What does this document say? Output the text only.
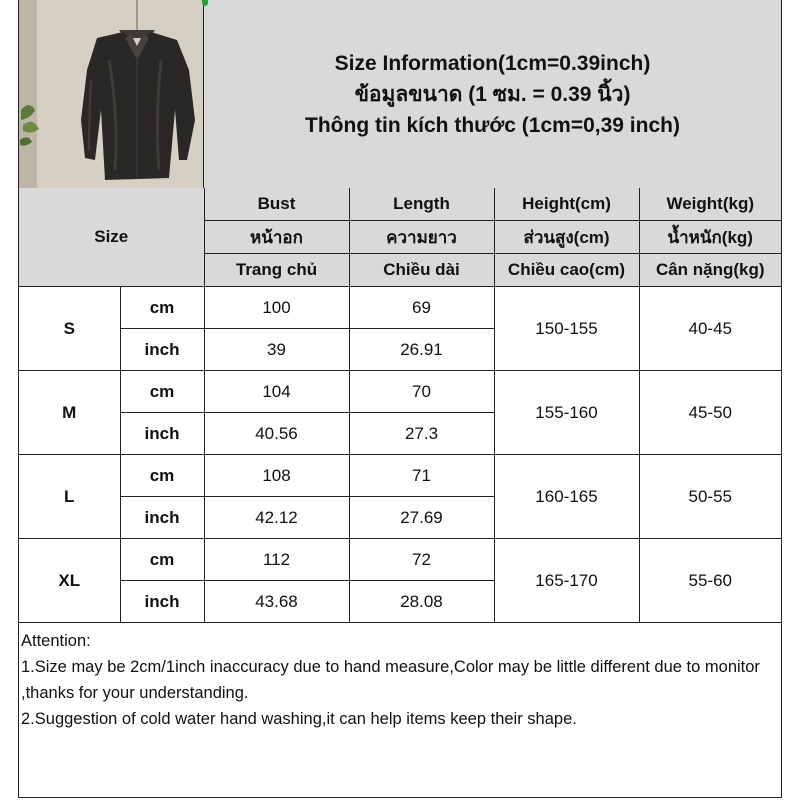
Size Information(1cm=0.39inch)
ข้อมูลขนาด (1 ซม. = 0.39 นิ้ว)
Thông tin kích thước (1cm=0,39 inch)
Size		Bust	Length	Height(cm)	Weight(kg)
		หน้าอก	ความยาว	ส่วนสูง(cm)	น้ำหนัก(kg)
		Trang chủ	Chiều dài	Chiều cao(cm)	Cân nặng(kg)
S	cm	100	69	150-155	40-45
	inch	39	26.91		
M	cm	104	70	155-160	45-50
	inch	40.56	27.3		
L	cm	108	71	160-165	50-55
	inch	42.12	27.69		
XL	cm	112	72	165-170	55-60
	inch	43.68	28.08		
Attention:
1.Size may be 2cm/1inch inaccuracy due to hand measure,Color may be little different due to monitor ,thanks for your understanding.
2.Suggestion of cold water hand washing,it can help items keep their shape.
